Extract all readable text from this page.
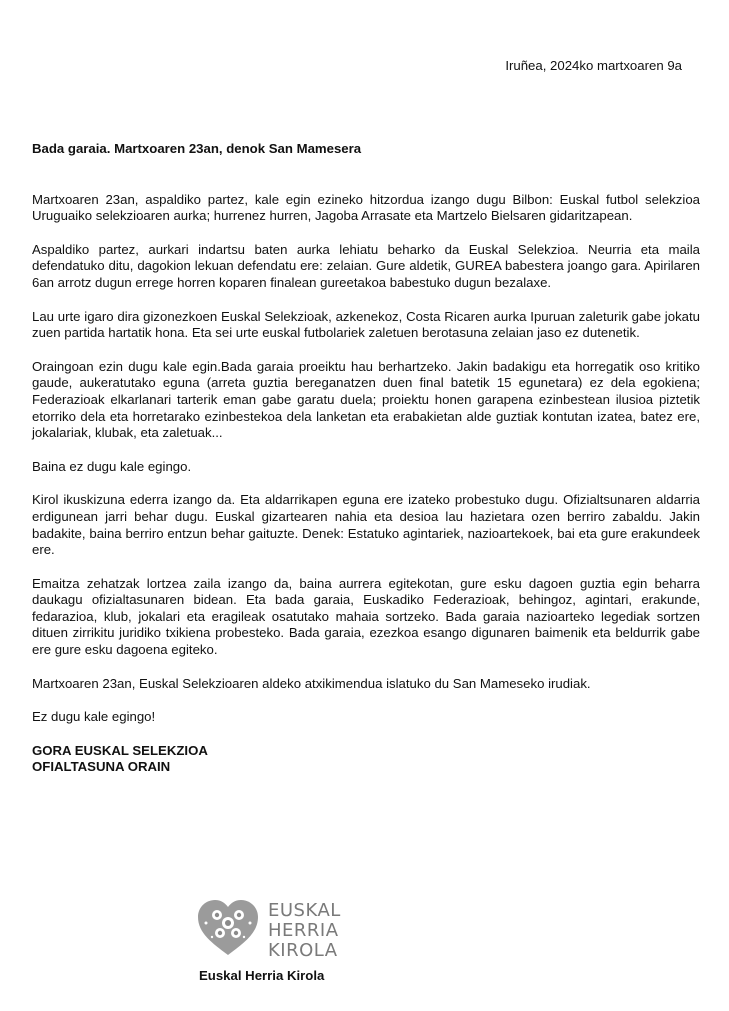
Iruñea, 2024ko martxoaren 9a

Bada garaia. Martxoaren 23an, denok San Mamesera

Martxoaren 23an, aspaldiko partez, kale egin ezineko hitzordua izango dugu Bilbon: Euskal futbol selekzioa Uruguaiko selekzioaren aurka; hurrenez hurren, Jagoba Arrasate eta Martzelo Bielsaren gidaritzapean.

Aspaldiko partez, aurkari indartsu baten aurka lehiatu beharko da Euskal Selekzioa. Neurria eta maila defendatuko ditu, dagokion lekuan defendatu ere: zelaian. Gure aldetik, GUREA babestera joango gara. Apirilaren 6an arrotz dugun errege horren koparen finalean gureetakoa babestuko dugun bezalaxe.

Lau urte igaro dira gizonezkoen Euskal Selekzioak, azkenekoz, Costa Ricaren aurka Ipuruan zaleturik gabe jokatu zuen partida hartatik hona. Eta sei urte euskal futbolariek zaletuen berotasuna zelaian jaso ez dutenetik.

Oraingoan ezin dugu kale egin.Bada garaia proeiktu hau berhartzeko. Jakin badakigu eta horregatik oso kritiko gaude, aukeratutako eguna (arreta guztia bereganatzen duen final batetik 15 egunetara) ez dela egokiena; Federazioak elkarlanari tarterik eman gabe garatu duela; proiektu honen garapena ezinbestean ilusioa piztetik etorriko dela eta horretarako ezinbestekoa dela lanketan eta erabakietan alde guztiak kontutan izatea, batez ere, jokalariak, klubak, eta zaletuak...

Baina ez dugu kale egingo.

Kirol ikuskizuna ederra izango da. Eta aldarrikapen eguna ere izateko probestuko dugu. Ofizialtsunaren aldarria erdigunean jarri behar dugu. Euskal gizartearen nahia eta desioa lau hazietara ozen berriro zabaldu. Jakin badakite, baina berriro entzun behar gaituzte. Denek: Estatuko agintariek, nazioartekoek, bai eta gure erakundeek ere.

Emaitza zehatzak lortzea zaila izango da, baina aurrera egitekotan, gure esku dagoen guztia egin beharra daukagu ofizialtasunaren bidean. Eta bada garaia, Euskadiko Federazioak, behingoz, agintari, erakunde, fedarazioa, klub, jokalari eta eragileak osatutako mahaia sortzeko. Bada garaia nazioarteko legediak sortzen dituen zirrikitu juridiko txikiena probesteko. Bada garaia, ezezkoa esango digunaren baimenik eta beldurrik gabe ere gure esku dagoena egiteko.

Martxoaren 23an, Euskal Selekzioaren aldeko atxikimendua islatuko du San Mameseko irudiak.

Ez dugu kale egingo!

GORA EUSKAL SELEKZIOA

OFIALTASUNA ORAIN

EUSKAL
HERRIA
KIROLA
Euskal Herria Kirola
